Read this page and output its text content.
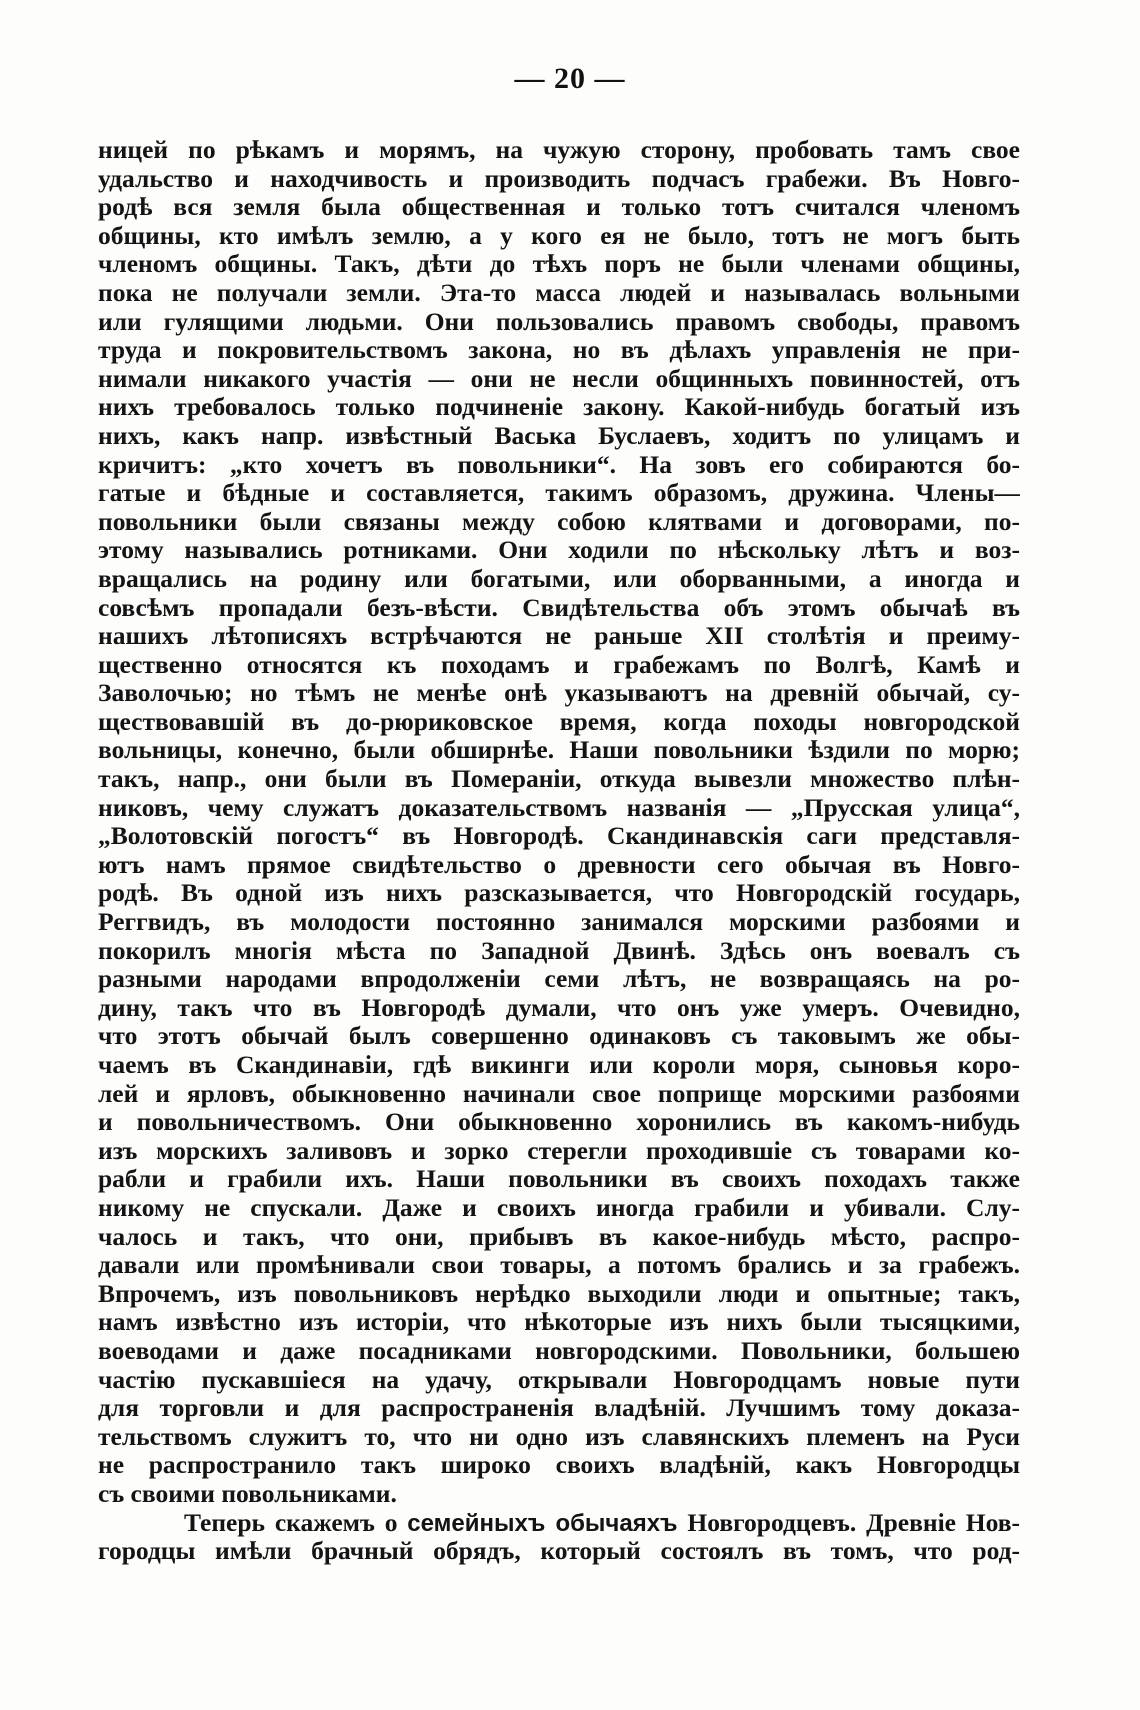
— 20 —
ницей по рѣкамъ и морямъ, на чужую сторону, пробовать тамъ свое
удальство и находчивость и производить подчасъ грабежи. Въ Новго-
родѣ вся земля была общественная и только тотъ считался членомъ
общины, кто имѣлъ землю, а у кого ея не было, тотъ не могъ быть
членомъ общины. Такъ, дѣти до тѣхъ поръ не были членами общины,
пока не получали земли. Эта-то масса людей и называлась вольными
или гулящими людьми. Они пользовались правомъ свободы, правомъ
труда и покровительствомъ закона, но въ дѣлахъ управленія не при-
нимали никакого участія — они не несли общинныхъ повинностей, отъ
нихъ требовалось только подчиненіе закону. Какой-нибудь богатый изъ
нихъ, какъ напр. извѣстный Васька Буслаевъ, ходитъ по улицамъ и
кричитъ: „кто хочетъ въ повольники“. На зовъ его собираются бо-
гатые и бѣдные и составляется, такимъ образомъ, дружина. Члены—
повольники были связаны между собою клятвами и договорами, по-
этому назывались ротниками. Они ходили по нѣскольку лѣтъ и воз-
вращались на родину или богатыми, или оборванными, а иногда и
совсѣмъ пропадали безъ-вѣсти. Свидѣтельства объ этомъ обычаѣ въ
нашихъ лѣтописяхъ встрѣчаются не раньше XII столѣтія и преиму-
щественно относятся къ походамъ и грабежамъ по Волгѣ, Камѣ и
Заволочью; но тѣмъ не менѣе онѣ указываютъ на древній обычай, су-
ществовавшій въ до-рюриковское время, когда походы новгородской
вольницы, конечно, были обширнѣе. Наши повольники ѣздили по морю;
такъ, напр., они были въ Помераніи, откуда вывезли множество плѣн-
никовъ, чему служатъ доказательствомъ названія — „Прусская улица“,
„Волотовскій погостъ“ въ Новгородѣ. Скандинавскія саги представля-
ютъ намъ прямое свидѣтельство о древности сего обычая въ Новго-
родѣ. Въ одной изъ нихъ разсказывается, что Новгородскій государь,
Реггвидъ, въ молодости постоянно занимался морскими разбоями и
покорилъ многія мѣста по Западной Двинѣ. Здѣсь онъ воевалъ съ
разными народами впродолженіи семи лѣтъ, не возвращаясь на ро-
дину, такъ что въ Новгородѣ думали, что онъ уже умеръ. Очевидно,
что этотъ обычай былъ совершенно одинаковъ съ таковымъ же обы-
чаемъ въ Скандинавіи, гдѣ викинги или короли моря, сыновья коро-
лей и ярловъ, обыкновенно начинали свое поприще морскими разбоями
и повольничествомъ. Они обыкновенно хоронились въ какомъ-нибудь
изъ морскихъ заливовъ и зорко стерегли проходившіе съ товарами ко-
рабли и грабили ихъ. Наши повольники въ своихъ походахъ также
никому не спускали. Даже и своихъ иногда грабили и убивали. Слу-
чалось и такъ, что они, прибывъ въ какое-нибудь мѣсто, распро-
давали или промѣнивали свои товары, а потомъ брались и за грабежъ.
Впрочемъ, изъ повольниковъ нерѣдко выходили люди и опытные; такъ,
намъ извѣстно изъ исторіи, что нѣкоторые изъ нихъ были тысяцкими,
воеводами и даже посадниками новгородскими. Повольники, большею
частію пускавшіеся на удачу, открывали Новгородцамъ новые пути
для торговли и для распространенія владѣній. Лучшимъ тому доказа-
тельствомъ служитъ то, что ни одно изъ славянскихъ племенъ на Руси
не распространило такъ широко своихъ владѣній, какъ Новгородцы
съ своими повольниками.
Теперь скажемъ о семейныхъ обычаяхъ Новгородцевъ. Древніе Нов-
городцы имѣли брачный обрядъ, который состоялъ въ томъ, что род-
